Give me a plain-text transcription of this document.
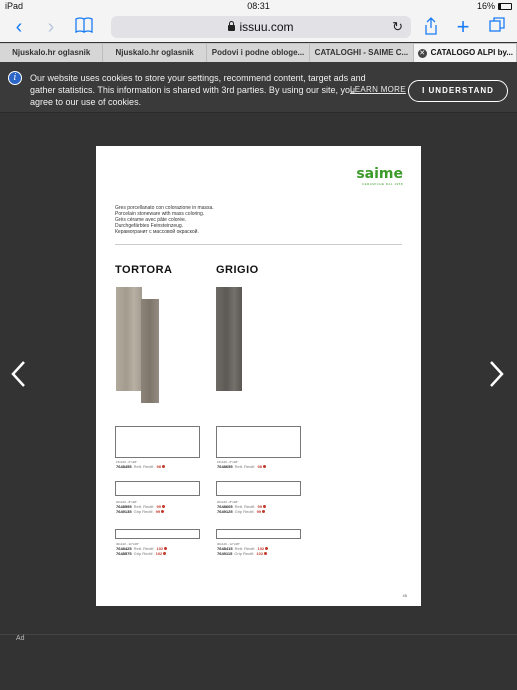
iPad	08:31	16%
‹	›	issuu.com	↻ +
Njuskalo.hr oglasnik	Njuskalo.hr oglasnik	Podovi i podne obloge...	CATALOGHI - SAIME C...	✕ CATALOGO ALPI by...
i	Our website uses cookies to store your settings, recommend content, target ads and gather statistics. This information is shared with 3rd parties. By using our site, you agree to our use of cookies.
LEARN MORE	I UNDERSTAND
saime
CERAMICHE DAL 1958
Gres porcellanato con colorazione in massa.
Porcelain stoneware with mass coloring.
Grès cérame avec pâte colorée.
Durchgefärbtes Feinsteinzeug.
Керамогранит с массовой окраской.
TORTORA
15x120 - 6"x48"
7648455 Rett. Rectif. 98
20x120 - 8"x48"
7648595 Rett. Rectif. 99
7649135 Grip Rectif. 99
30x120 - 12"x48"
7648425 Rett. Rectif. 102
7648575 Grip Rectif. 102
GRIGIO
15x120 - 6"x48"
7648655 Rett. Rectif. 98
20x120 - 8"x48"
7648605 Rett. Rectif. 99
7649125 Grip Rectif. 99
30x120 - 12"x48"
7648415 Rett. Rectif. 102
7649115 Grip Rectif. 102
45
Ad
